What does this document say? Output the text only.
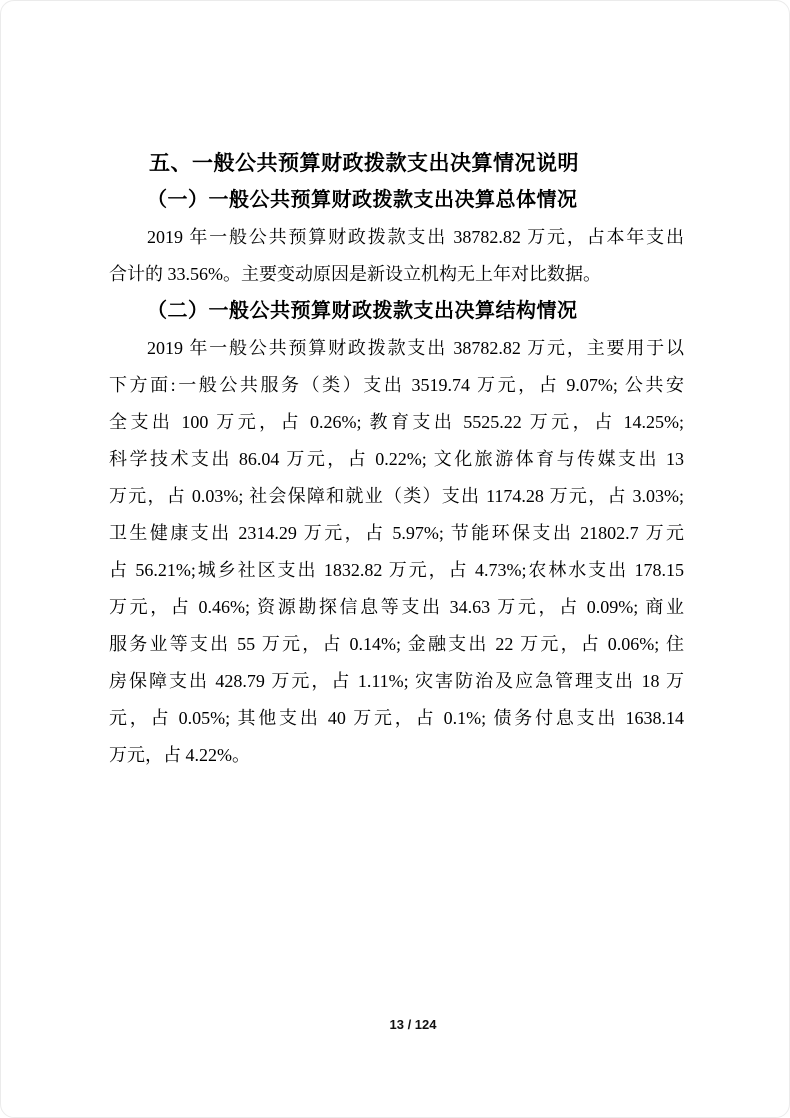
五、一般公共预算财政拨款支出决算情况说明
（一）一般公共预算财政拨款支出决算总体情况
2019 年一般公共预算财政拨款支出 38782.82 万元，占本年支出
合计的 33.56%。主要变动原因是新设立机构无上年对比数据。
（二）一般公共预算财政拨款支出决算结构情况
2019 年一般公共预算财政拨款支出 38782.82 万元，主要用于以
下方面:一般公共服务（类）支出 3519.74 万元，占 9.07%; 公共安
全支出 100 万元，占 0.26%; 教育支出 5525.22 万元，占 14.25%;
科学技术支出 86.04 万元，占 0.22%; 文化旅游体育与传媒支出 13
万元，占 0.03%; 社会保障和就业（类）支出 1174.28 万元，占 3.03%;
卫生健康支出 2314.29 万元，占 5.97%; 节能环保支出 21802.7 万元
占 56.21%;城乡社区支出 1832.82 万元，占 4.73%;农林水支出 178.15
万元，占 0.46%; 资源勘探信息等支出 34.63 万元，占 0.09%; 商业
服务业等支出 55 万元，占 0.14%; 金融支出 22 万元，占 0.06%; 住
房保障支出 428.79 万元，占 1.11%; 灾害防治及应急管理支出 18 万
元，占 0.05%; 其他支出 40 万元，占 0.1%; 债务付息支出 1638.14
万元，占 4.22%。
13 / 124
